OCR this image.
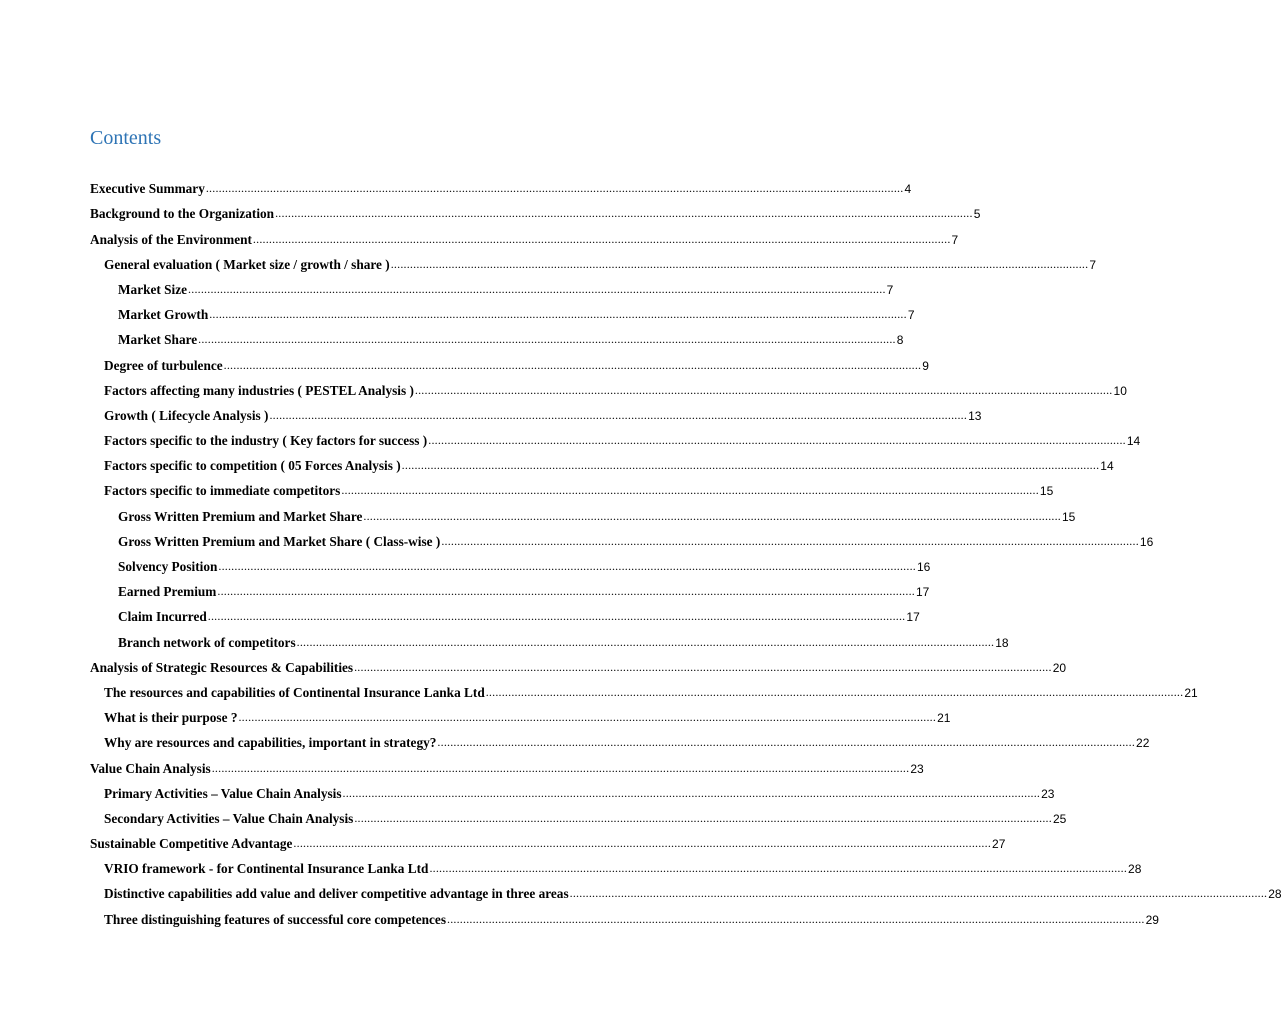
Contents
Executive Summary .....	4
Background to the Organization .....	5
Analysis of the Environment .....	7
General evaluation ( Market size / growth / share ) .....	7
Market Size .....	7
Market Growth .....	7
Market Share .....	8
Degree of turbulence .....	9
Factors affecting many industries ( PESTEL Analysis ) .....	10
Growth ( Lifecycle Analysis ) .....	13
Factors specific to the industry ( Key factors for success ) .....	14
Factors specific to competition ( 05 Forces Analysis ) .....	14
Factors specific to immediate competitors .....	15
Gross Written Premium and Market Share .....	15
Gross Written Premium and Market Share ( Class-wise ) .....	16
Solvency Position .....	16
Earned Premium .....	17
Claim Incurred .....	17
Branch network of competitors .....	18
Analysis of Strategic Resources & Capabilities .....	20
The resources and capabilities of Continental Insurance Lanka Ltd .....	21
What is their purpose ? .....	21
Why are resources and capabilities, important in strategy? .....	22
Value Chain Analysis .....	23
Primary Activities – Value Chain Analysis .....	23
Secondary Activities – Value Chain Analysis .....	25
Sustainable Competitive Advantage .....	27
VRIO framework - for Continental Insurance Lanka Ltd .....	28
Distinctive capabilities add value and deliver competitive advantage in three areas .....	28
Three distinguishing features of successful core competences .....	29
